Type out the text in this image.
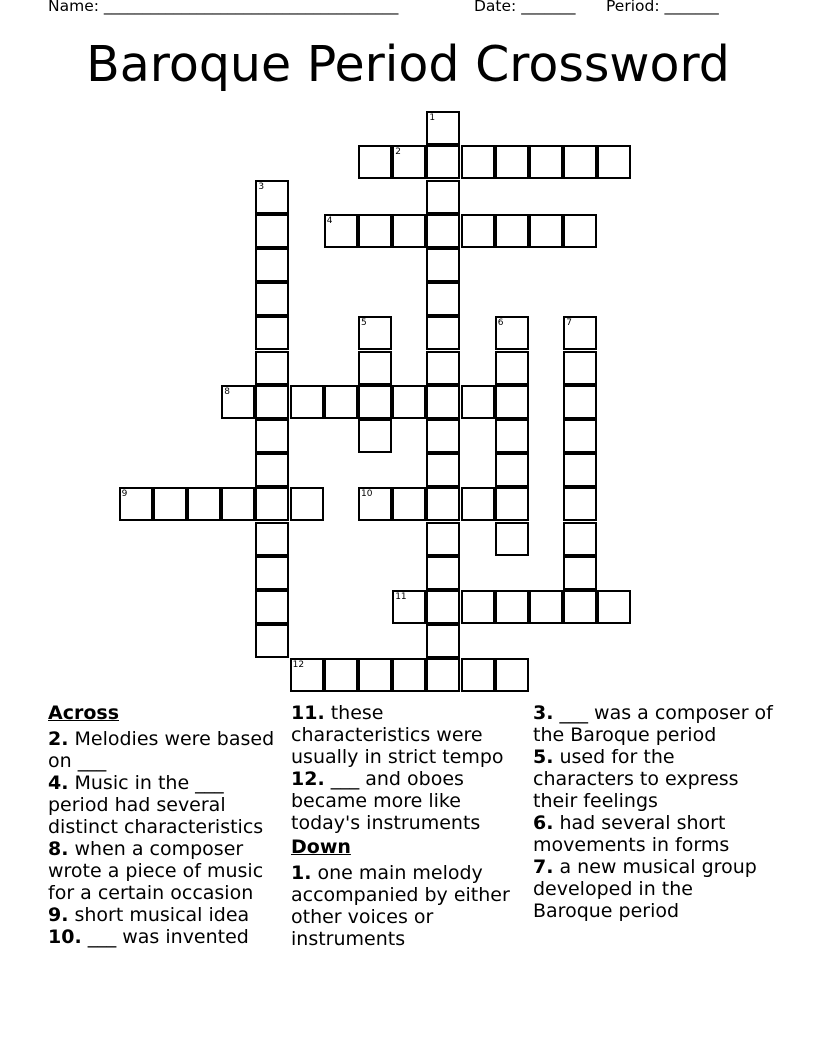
Name: ______________________________________	Date: _______ Period: _______
Baroque Period Crossword
1
2
3
4
5	6	7
8
9	10
11
12
Across
2. Melodies were based on ___
4. Music in the ___ period had several distinct characteristics
8. when a composer wrote a piece of music for a certain occasion
9. short musical idea
10. ___ was invented
11. these characteristics were usually in strict tempo
12. ___ and oboes became more like today's instruments
Down
1. one main melody accompanied by either other voices or instruments
3. ___ was a composer of the Baroque period
5. used for the characters to express their feelings
6. had several short movements in forms
7. a new musical group developed in the Baroque period
